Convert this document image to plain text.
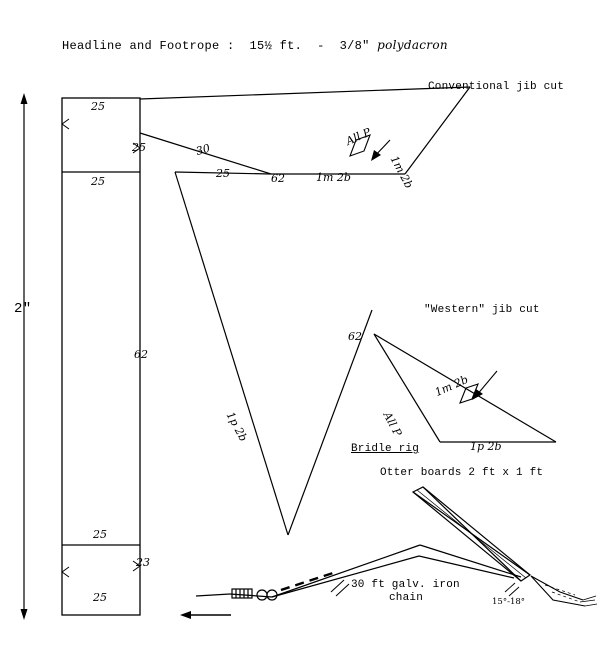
Headline and Footrope :  15½ ft.  -  3/8" polydacron

2"
25
25
25
62
25
23
25
Conventional jib cut
30
25	62	1m 2b
All P
1m 2b
1p 2b
"Western" jib cut
62
All P
1m 2b
1p 2b
Bridle rig
Otter boards 2 ft x 1 ft
30 ft galv. iron
chain	15°-18°
